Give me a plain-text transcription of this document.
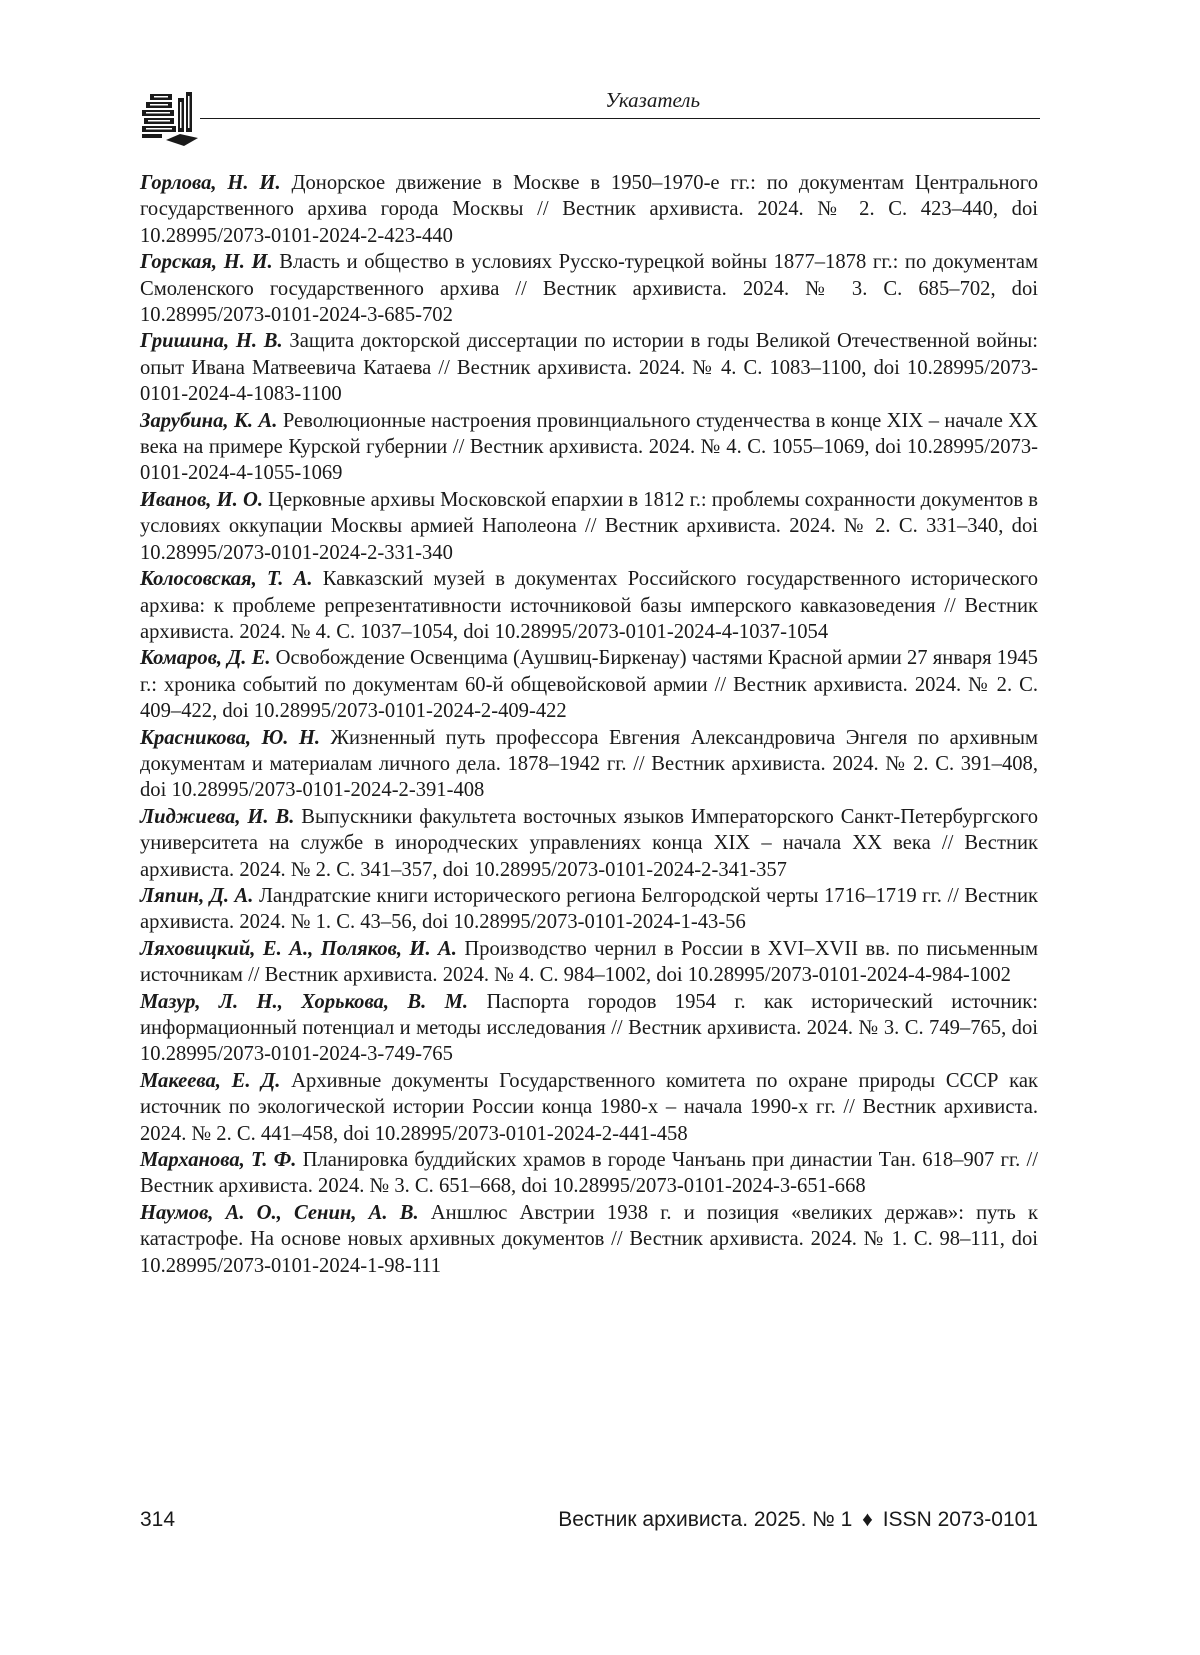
Указатель

Горлова, Н. И. Донорское движение в Москве в 1950–1970-е гг.: по документам Центрального государственного архива города Москвы // Вестник архивиста. 2024. № 2. С. 423–440, doi 10.28995/2073-0101-2024-2-423-440

Горская, Н. И. Власть и общество в условиях Русско-турецкой войны 1877–1878 гг.: по документам Смоленского государственного архива // Вестник архивиста. 2024. № 3. С. 685–702, doi 10.28995/2073-0101-2024-3-685-702

Гришина, Н. В. Защита докторской диссертации по истории в годы Великой Отечественной войны: опыт Ивана Матвеевича Катаева // Вестник архивиста. 2024. № 4. С. 1083–1100, doi 10.28995/2073-0101-2024-4-1083-1100

Зарубина, К. А. Революционные настроения провинциального студенчества в конце XIX – начале XX века на примере Курской губернии // Вестник архивиста. 2024. № 4. С. 1055–1069, doi 10.28995/2073-0101-2024-4-1055-1069

Иванов, И. О. Церковные архивы Московской епархии в 1812 г.: проблемы сохранности документов в условиях оккупации Москвы армией Наполеона // Вестник архивиста. 2024. № 2. С. 331–340, doi 10.28995/2073-0101-2024-2-331-340

Колосовская, Т. А. Кавказский музей в документах Российского государственного исторического архива: к проблеме репрезентативности источниковой базы имперского кавказоведения // Вестник архивиста. 2024. № 4. С. 1037–1054, doi 10.28995/2073-0101-2024-4-1037-1054

Комаров, Д. Е. Освобождение Освенцима (Аушвиц-Биркенау) частями Красной армии 27 января 1945 г.: хроника событий по документам 60-й общевойсковой армии // Вестник архивиста. 2024. № 2. С. 409–422, doi 10.28995/2073-0101-2024-2-409-422

Красникова, Ю. Н. Жизненный путь профессора Евгения Александровича Энгеля по архивным документам и материалам личного дела. 1878–1942 гг. // Вестник архивиста. 2024. № 2. С. 391–408, doi 10.28995/2073-0101-2024-2-391-408

Лиджиева, И. В. Выпускники факультета восточных языков Императорского Санкт-Петербургского университета на службе в инородческих управлениях конца XIX – начала XX века // Вестник архивиста. 2024. № 2. С. 341–357, doi 10.28995/2073-0101-2024-2-341-357

Ляпин, Д. А. Ландратские книги исторического региона Белгородской черты 1716–1719 гг. // Вестник архивиста. 2024. № 1. С. 43–56, doi 10.28995/2073-0101-2024-1-43-56

Ляховицкий, Е. А., Поляков, И. А. Производство чернил в России в XVI–XVII вв. по письменным источникам // Вестник архивиста. 2024. № 4. С. 984–1002, doi 10.28995/2073-0101-2024-4-984-1002

Мазур, Л. Н., Хорькова, В. М. Паспорта городов 1954 г. как исторический источник: информационный потенциал и методы исследования // Вестник архивиста. 2024. № 3. С. 749–765, doi 10.28995/2073-0101-2024-3-749-765

Макеева, Е. Д. Архивные документы Государственного комитета по охране природы СССР как источник по экологической истории России конца 1980-х – начала 1990-х гг. // Вестник архивиста. 2024. № 2. С. 441–458, doi 10.28995/2073-0101-2024-2-441-458

Марханова, Т. Ф. Планировка буддийских храмов в городе Чанъань при династии Тан. 618–907 гг. // Вестник архивиста. 2024. № 3. С. 651–668, doi 10.28995/2073-0101-2024-3-651-668

Наумов, А. О., Сенин, А. В. Аншлюс Австрии 1938 г. и позиция «великих держав»: путь к катастрофе. На основе новых архивных документов // Вестник архивиста. 2024. № 1. С. 98–111, doi 10.28995/2073-0101-2024-1-98-111

314	Вестник архивиста. 2025. № 1 ♦ ISSN 2073-0101
